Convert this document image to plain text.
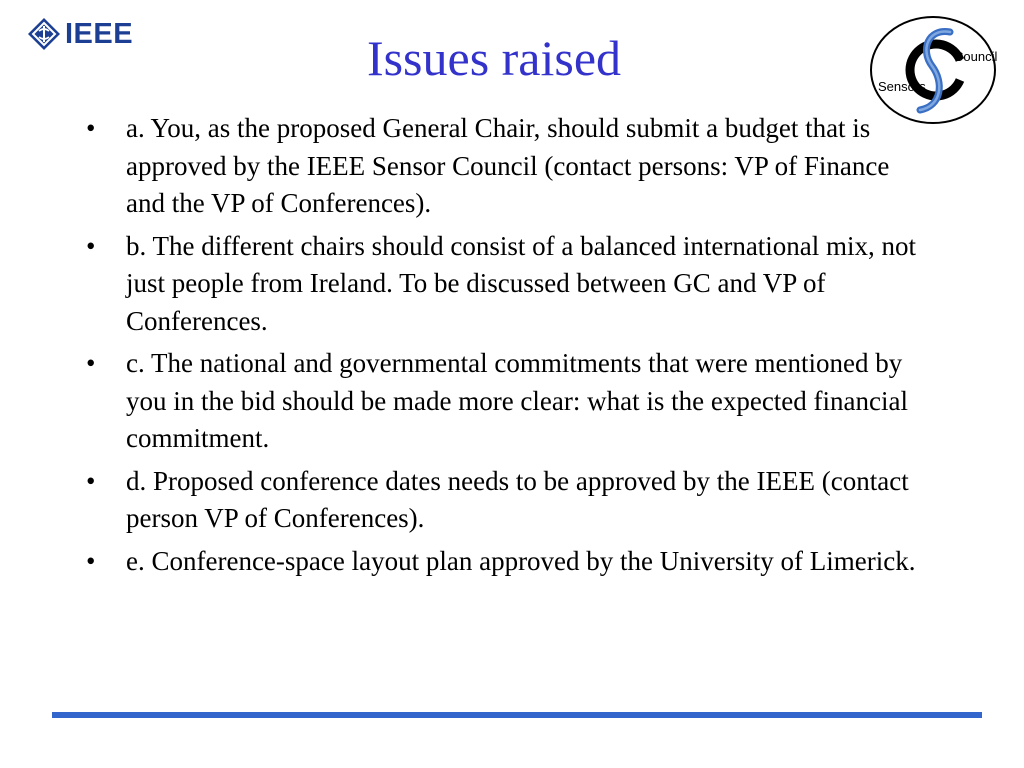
IEEE	Issues raised	Council
Sensors
•	a. You, as the proposed General Chair, should submit a budget that is approved by the IEEE Sensor Council (contact persons: VP of Finance and the VP of Conferences).
•	b. The different chairs should consist of a balanced international mix, not just people from Ireland. To be discussed between GC and VP of Conferences.
•	c. The national and governmental commitments that were mentioned by you in the bid should be made more clear: what is the expected financial commitment.
•	d. Proposed conference dates needs to be approved by the IEEE (contact person VP of Conferences).
•	e. Conference-space layout plan approved by the University of Limerick.
